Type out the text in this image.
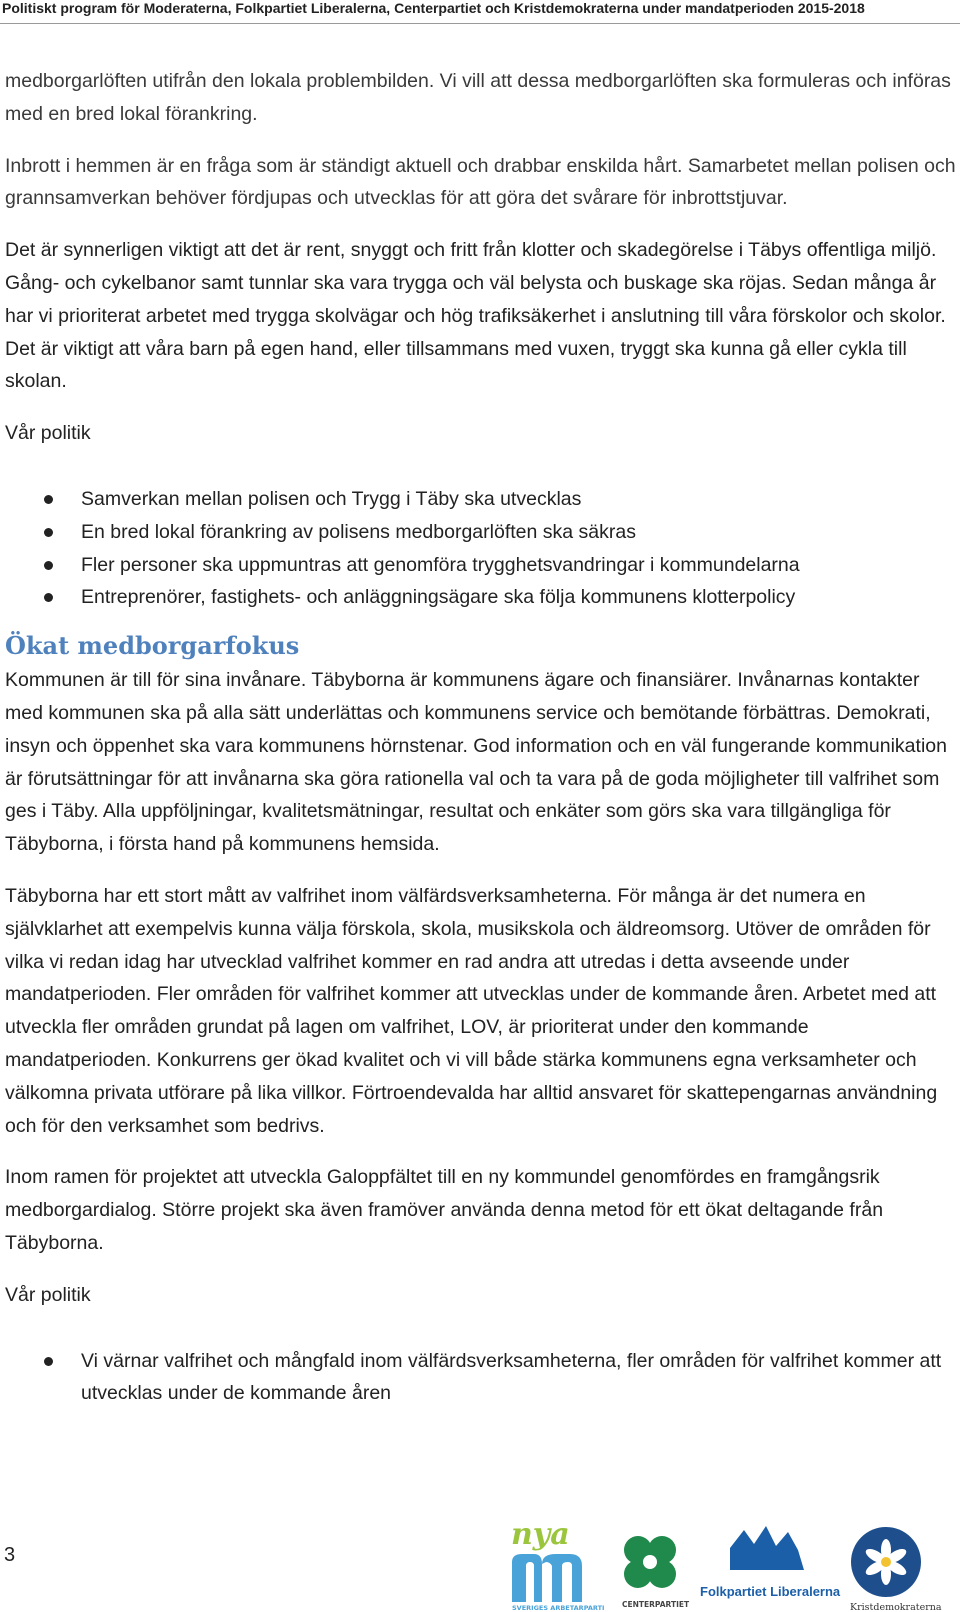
Politiskt program för Moderaterna, Folkpartiet Liberalerna, Centerpartiet och Kristdemokraterna under mandatperioden 2015-2018

medborgarlöften utifrån den lokala problembilden. Vi vill att dessa medborgarlöften ska formuleras och införas med en bred lokal förankring.

Inbrott i hemmen är en fråga som är ständigt aktuell och drabbar enskilda hårt. Samarbetet mellan polisen och grannsamverkan behöver fördjupas och utvecklas för att göra det svårare för inbrottstjuvar.

Det är synnerligen viktigt att det är rent, snyggt och fritt från klotter och skadegörelse i Täbys offentliga miljö. Gång- och cykelbanor samt tunnlar ska vara trygga och väl belysta och buskage ska röjas. Sedan många år har vi prioriterat arbetet med trygga skolvägar och hög trafiksäkerhet i anslutning till våra förskolor och skolor. Det är viktigt att våra barn på egen hand, eller tillsammans med vuxen, tryggt ska kunna gå eller cykla till skolan.

Vår politik

Samverkan mellan polisen och Trygg i Täby ska utvecklas
En bred lokal förankring av polisens medborgarlöften ska säkras
Fler personer ska uppmuntras att genomföra trygghetsvandringar i kommundelarna
Entreprenörer, fastighets- och anläggningsägare ska följa kommunens klotterpolicy
Ökat medborgarfokus

Kommunen är till för sina invånare. Täbyborna är kommunens ägare och finansiärer. Invånarnas kontakter med kommunen ska på alla sätt underlättas och kommunens service och bemötande förbättras. Demokrati, insyn och öppenhet ska vara kommunens hörnstenar. God information och en väl fungerande kommunikation är förutsättningar för att invånarna ska göra rationella val och ta vara på de goda möjligheter till valfrihet som ges i Täby. Alla uppföljningar, kvalitetsmätningar, resultat och enkäter som görs ska vara tillgängliga för Täbyborna, i första hand på kommunens hemsida.

Täbyborna har ett stort mått av valfrihet inom välfärdsverksamheterna. För många är det numera en självklarhet att exempelvis kunna välja förskola, skola, musikskola och äldreomsorg. Utöver de områden för vilka vi redan idag har utvecklad valfrihet kommer en rad andra att utredas i detta avseende under mandatperioden. Fler områden för valfrihet kommer att utvecklas under de kommande åren. Arbetet med att utveckla fler områden grundat på lagen om valfrihet, LOV, är prioriterat under den kommande mandatperioden. Konkurrens ger ökad kvalitet och vi vill både stärka kommunens egna verksamheter och välkomna privata utförare på lika villkor. Förtroendevalda har alltid ansvaret för skattepengarnas användning och för den verksamhet som bedrivs.

Inom ramen för projektet att utveckla Galoppfältet till en ny kommundel genomfördes en framgångsrik medborgardialog. Större projekt ska även framöver använda denna metod för ett ökat deltagande från Täbyborna.

Vår politik

Vi värnar valfrihet och mångfald inom välfärdsverksamheterna, fler områden för valfrihet kommer att utvecklas under de kommande åren
3
nya
SVERIGES ARBETARPARTI CENTERPARTIET
Folkpartiet Liberalerna
Kristdemokraterna
